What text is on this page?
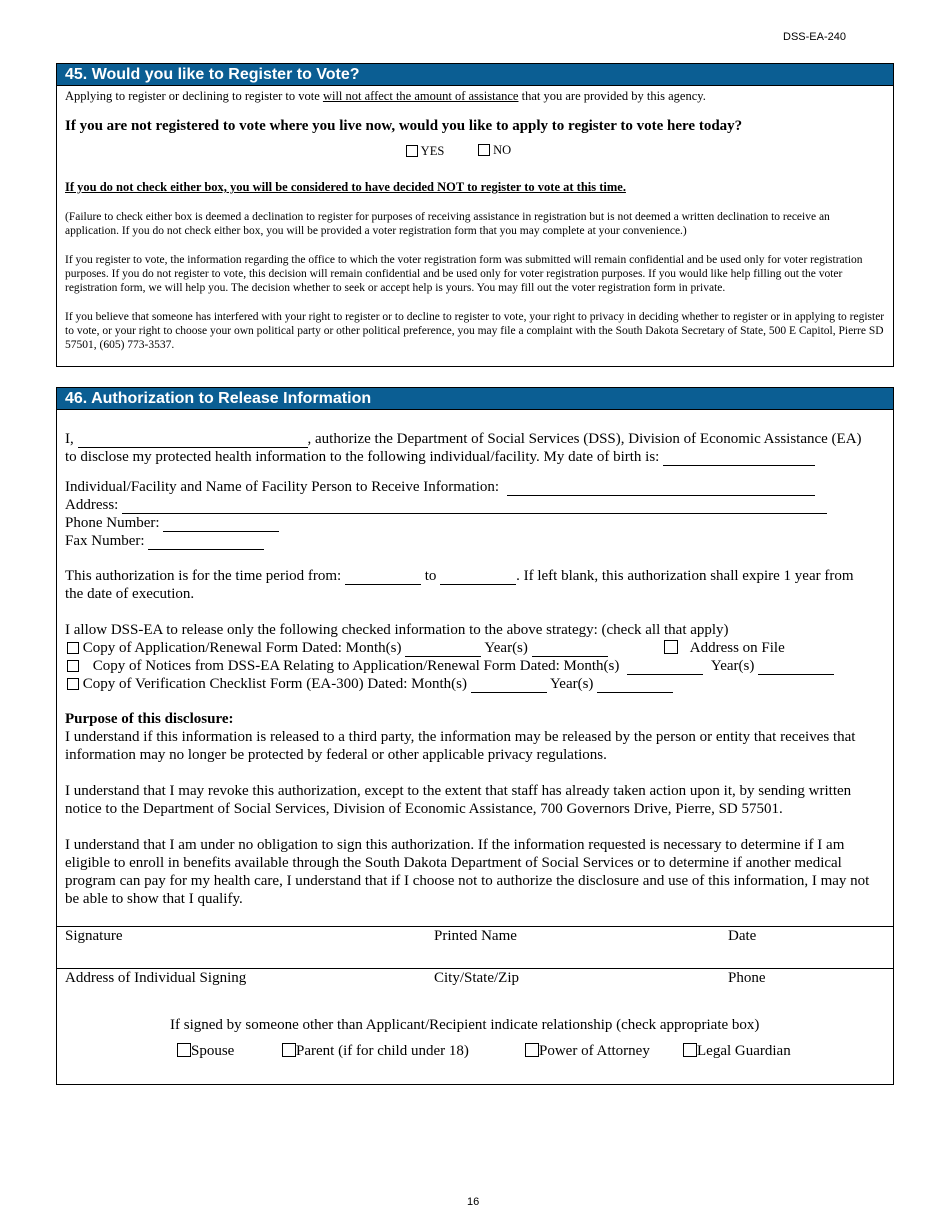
DSS-EA-240
45. Would you like to Register to Vote?

Applying to register or declining to register to vote will not affect the amount of assistance that you are provided by this agency.

If you are not registered to vote where you live now, would you like to apply to register to vote here today?

YES	NO

If you do not check either box, you will be considered to have decided NOT to register to vote at this time.

(Failure to check either box is deemed a declination to register for purposes of receiving assistance in registration but is not deemed a written declination to receive an application. If you do not check either box, you will be provided a voter registration form that you may complete at your convenience.)

If you register to vote, the information regarding the office to which the voter registration form was submitted will remain confidential and be used only for voter registration purposes. If you do not register to vote, this decision will remain confidential and be used only for voter registration purposes. If you would like help filling out the voter registration form, we will help you. The decision whether to seek or accept help is yours. You may fill out the voter registration form in private.

If you believe that someone has interfered with your right to register or to decline to register to vote, your right to privacy in deciding whether to register or in applying to register to vote, or your right to choose your own political party or other political preference, you may file a complaint with the South Dakota Secretary of State, 500 E Capitol, Pierre SD 57501, (605) 773-3537.

46. Authorization to Release Information
I,	, authorize the Department of Social Services (DSS), Division of Economic Assistance (EA)
to disclose my protected health information to the following individual/facility. My date of birth is:
Individual/Facility and Name of Facility Person to Receive Information:
Address:
Phone Number:
Fax Number:
This authorization is for the time period from:	to	. If left blank, this authorization shall expire 1 year from
the date of execution.
I allow DSS-EA to release only the following checked information to the above strategy: (check all that apply)
Copy of Application/Renewal Form Dated: Month(s)	Year(s)	Address on File
Copy of Notices from DSS-EA Relating to Application/Renewal Form Dated: Month(s)	Year(s)
Copy of Verification Checklist Form (EA-300) Dated: Month(s)	Year(s)
Purpose of this disclosure:

I understand if this information is released to a third party, the information may be released by the person or entity that receives that information may no longer be protected by federal or other applicable privacy regulations.

I understand that I may revoke this authorization, except to the extent that staff has already taken action upon it, by sending written notice to the Department of Social Services, Division of Economic Assistance, 700 Governors Drive, Pierre, SD 57501.

I understand that I am under no obligation to sign this authorization. If the information requested is necessary to determine if I am eligible to enroll in benefits available through the South Dakota Department of Social Services or to determine if another medical program can pay for my health care, I understand that if I choose not to authorize the disclosure and use of this information, I may not be able to show that I qualify.

Signature	Printed Name	Date
Address of Individual Signing	City/State/Zip	Phone
If signed by someone other than Applicant/Recipient indicate relationship (check appropriate box)
Spouse	Parent (if for child under 18)	Power of Attorney	Legal Guardian
16
